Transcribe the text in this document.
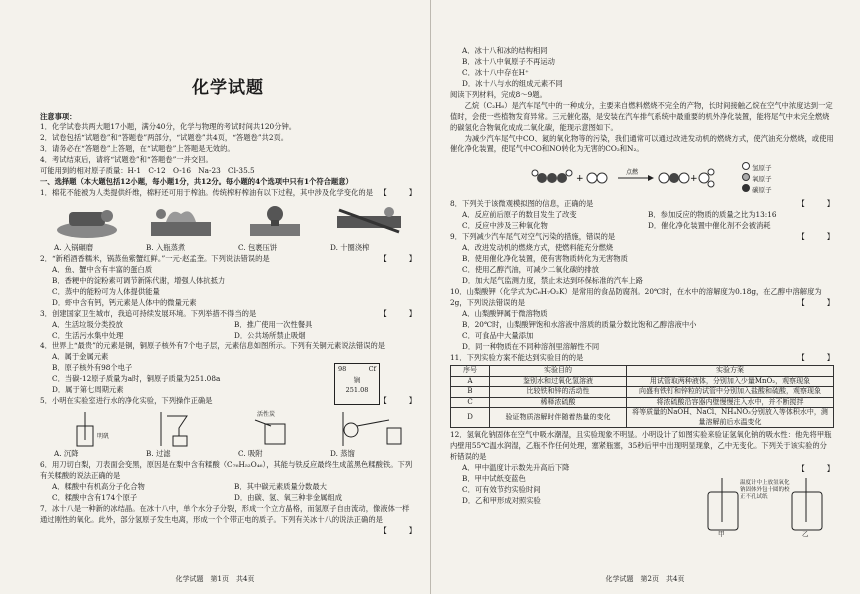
化学试题

注意事项：

1．化学试卷共两大题17小题，满分40分，化学与物理的考试时间共120分钟。

2．试卷包括“试题卷”和“答题卷”两部分，“试题卷”共4页，“答题卷”共2页。

3．请务必在“答题卷”上答题，在“试题卷”上答题是无效的。

4．考试结束后，请将“试题卷”和“答题卷”一并交回。

可能用到的相对原子质量：H-1　C-12　O-16　Na-23　Cl-35.5

一、选择题（本大题包括12小题，每小题1分，共12分。每小题的4个选项中只有1个符合题意）

1．棉花不能被为人类提供纤维，棉籽还可用于榨油。传统榨籽榨油有以下过程，其中涉及化学变化的是 【　　　】

A. 入锅碾磨	B. 入瓶蒸煮	C. 包裹压饼	D. 十圈浇榨

2．“新稻酒香糯米，锅蒸鱼紫蟹红鲜。”一元·赵孟奎。下列说法错误的是	【　　　】

A．鱼、蟹中含有丰富的蛋白质

B．香粳中的淀粉素可调节新陈代谢，增强人体抗抵力

C．蒸中的能粉可为人体提供能量

D．虾中含有钙，钙元素是人体中的微量元素

3．创建国家卫生城市，我追可持续发展环境。下列举措不得当的是	【　　　】

A．生活垃圾分类投放	B．推广使用一次性餐具
C．生活污水集中处理	D．公共场所禁止吸烟

4．世界上“最贵”的元素是铜，铜原子核外有7个电子层，元素信息如图所示。下列有关铜元素说法错误的是

A．属于金属元素

B．原子核外有98个电子

C．当碳-12原子质量为a时，铜原子质量为251.08a

D．属于第七周期元素

98	Cf
锎
251.08

5．小明在实验室进行水的净化实验，下列操作正确是	【　　　】

明矾
活性炭
A. 沉降	B. 过滤	C. 吸附	D. 蒸馏

6．用刀切白梨，刀表面会变黑，原因是在梨中含有糅酸（C₇₆H₅₂O₄₆），其能与铁反应最终生成蓝黑色糅酸铁。下列有关糅酸的说法正确的是

A．糅酸中有机高分子化合物	B．其中碳元素质量分数最大
C．糅酸中含有174个原子	D．由碳、氢、氧三种非金属组成

7．冰十八是一种新的冰结晶。在冰十八中，单个水分子分裂，形成一个立方晶格，而氢原子自由流动，像液体一样通过刚性的氧化。此外，部分氢原子发生电离，形成一个个带正电的质子。下列有关冰十八的说法正确的是
【　　　】

化学试题　第1页　共4页

A．冰十八和冰的结构相同

B．冰十八中氧原子不再运动

C．冰十八中存在H⁺

D．冰十八与水的组成元素不同

阅读下列材料，完成8～9题。

乙烷（C₂H₆）是汽车尾气中的一种成分，主要来自燃料燃烧不完全的产物，长时间接触乙烷在空气中浓度达到一定值时，会使一些植物发育异常。三元催化器，是安装在汽车排气系统中最重要的机外净化装置，能将尾气中未完全燃烧的碳氢化合物氧化成成二氧化碳，能现示意图如下。

为减少汽车尾气中CO、氮的氧化物等的污染，我们通常可以通过改进发动机的燃烧方式，使汽油充分燃烧，或使用催化净化装置，使尾气中CO和NO转化为无害的CO₂和N₂。

+
点燃
+
氢原子
氧原子
碳原子

8．下列关于该微观模拟图的信息，正确的是	【　　　】

A．反应前后原子的数目发生了改变	B．参加反应的物质的质量之比为13:16
C．反应中涉及三种氧化物	D．催化净化装置中催化剂不会被消耗

9．下列减少汽车尾气对空气污染的措施，错误的是	【　　　】

A．改进发动机的燃烧方式，使燃料能充分燃烧

B．使用催化净化装置，使有害物质转化为无害物质

C．使用乙醇汽油，可减少二氧化碳的排放

D．加大尾气监测力度，禁止未达到环保标准的汽车上路

10．山梨酸钾（化学式为C₆H₇O₂K）是常用的食品防腐剂。20℃时，在水中的溶解度为0.18g，在乙醇中溶解度为2g，下列说法错误的是	【　　　】

A．山梨酸钾属于微溶物质

B．20℃时，山梨酸钾饱和水溶液中溶质的质量分数比饱和乙醇溶液中小

C．可食品中大量添加

D．同一种物质在不同种溶剂里溶解性不同

11．下列实验方案不能达到实验目的的是	【　　　】

序号	实验目的	实验方案
A	鉴别水和过氧化氢溶液	用试管取两种液体，分别加入少量MnO₂，观察现象
B	比较铁和锌的活动性	向盛有铁钉和锌粒的试管中分别加入盐酸和硫酸，观察现象
C	稀释浓硫酸	将浓硫酸沿容器内壁慢慢注入水中，并不断搅拌
D	验证物质溶解时伴随着热量的变化	将等质量的NaOH、NaCl、NH₄NO₃分别放入等体积水中，测量溶解前后水温变化

12．氢氧化钠固体在空气中吸水潮湿，且实验现象不明显。小明设计了如图实验来验证氢氧化钠的吸水性：他先将甲瓶内壁用55℃温水润湿，乙瓶不作任何处理，塞紧瓶塞，35秒后甲中出现明显现象，乙中无变化。下列关于该实验的分析错误的是

A．甲中温度计示数先升高后下降

B．甲中试纸变蓝色

C．可有效节约实验时间

D．乙和甲形成对照实验

【　　　】
温度计中上放氢氧化钠固体外包十圆的校正不孔试纸
甲	乙
化学试题　第2页　共4页
